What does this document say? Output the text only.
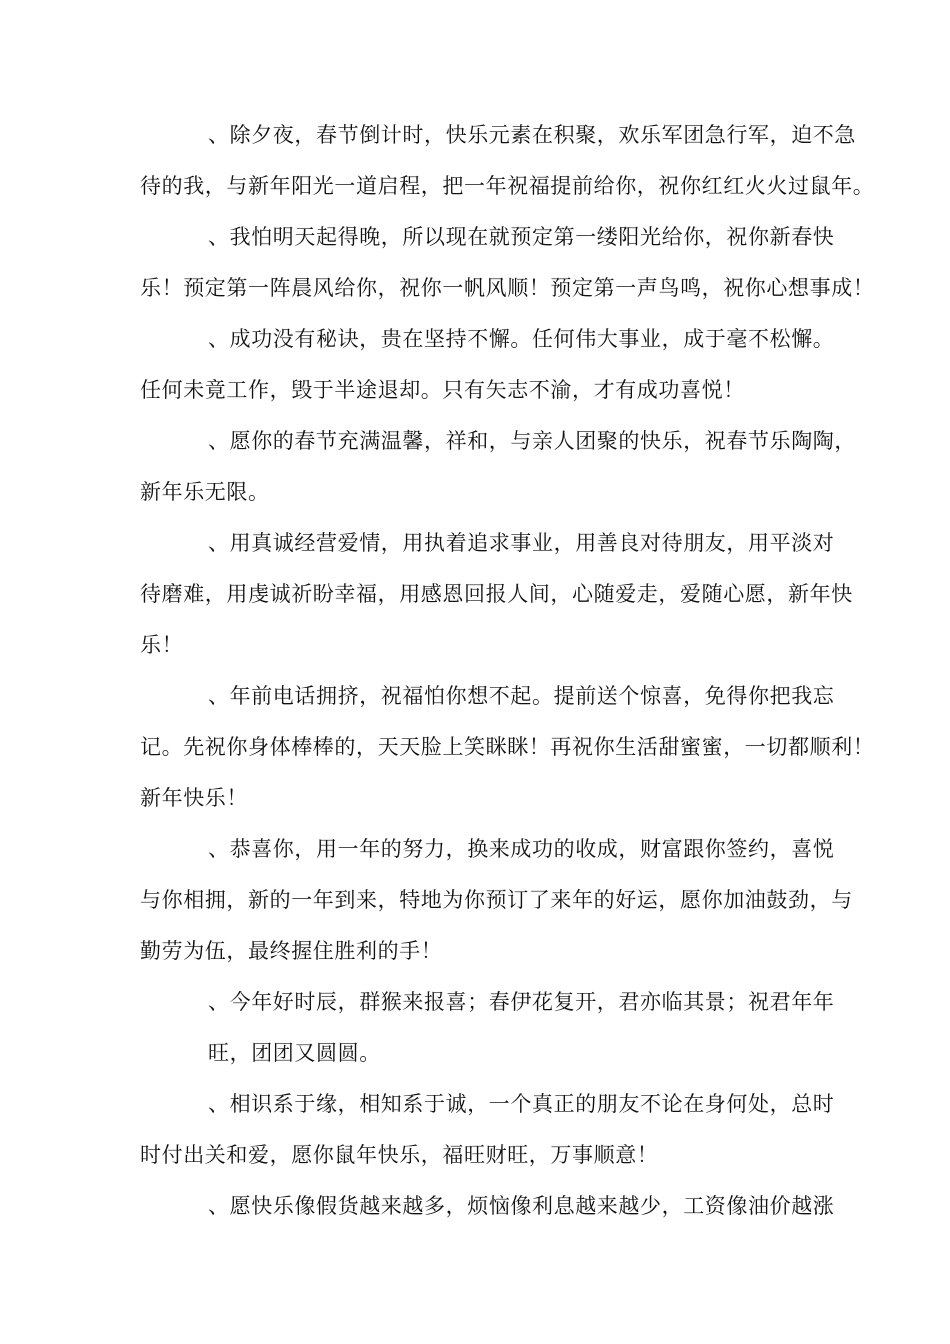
、除夕夜，春节倒计时，快乐元素在积聚，欢乐军团急行军，迫不急
待的我，与新年阳光一道启程，把一年祝福提前给你，祝你红红火火过鼠年。
、我怕明天起得晚，所以现在就预定第一缕阳光给你，祝你新春快
乐！预定第一阵晨风给你，祝你一帆风顺！预定第一声鸟鸣，祝你心想事成！
、成功没有秘诀，贵在坚持不懈。任何伟大事业，成于毫不松懈。
任何未竟工作，毁于半途退却。只有矢志不渝，才有成功喜悦！
、愿你的春节充满温馨，祥和，与亲人团聚的快乐，祝春节乐陶陶，
新年乐无限。
、用真诚经营爱情，用执着追求事业，用善良对待朋友，用平淡对
待磨难，用虔诚祈盼幸福，用感恩回报人间，心随爱走，爱随心愿，新年快
乐！
、年前电话拥挤，祝福怕你想不起。提前送个惊喜，免得你把我忘
记。先祝你身体棒棒的，天天脸上笑眯眯！再祝你生活甜蜜蜜，一切都顺利！
新年快乐！
、恭喜你，用一年的努力，换来成功的收成，财富跟你签约，喜悦
与你相拥，新的一年到来，特地为你预订了来年的好运，愿你加油鼓劲，与
勤劳为伍，最终握住胜利的手！
、今年好时辰，群猴来报喜；春伊花复开，君亦临其景；祝君年年
旺，团团又圆圆。
、相识系于缘，相知系于诚，一个真正的朋友不论在身何处，总时
时付出关和爱，愿你鼠年快乐，福旺财旺，万事顺意！
、愿快乐像假货越来越多，烦恼像利息越来越少，工资像油价越涨
